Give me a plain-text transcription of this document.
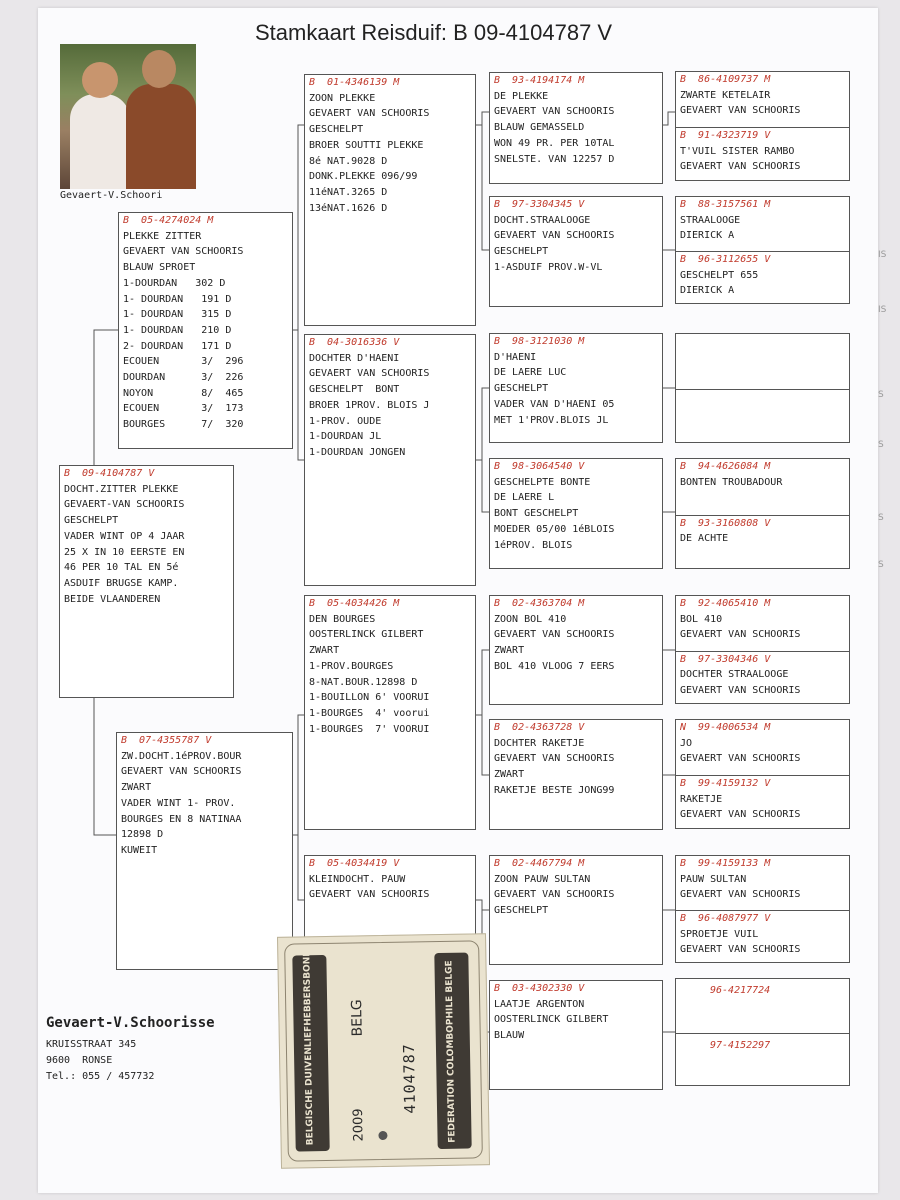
IS
IS
S
S
S
S
Stamkaart Reisduif: B 09-4104787 V
Gevaert-V.Schoori
B  09-4104787 V
DOCHT.ZITTER PLEKKE
GEVAERT-VAN SCHOORIS
GESCHELPT
VADER WINT OP 4 JAAR
25 X IN 10 EERSTE EN
46 PER 10 TAL EN 5é
ASDUIF BRUGSE KAMP.
BEIDE VLAANDEREN
B  05-4274024 M
PLEKKE ZITTER
GEVAERT VAN SCHOORIS
BLAUW SPROET
1-DOURDAN   302 D
1- DOURDAN   191 D
1- DOURDAN   315 D
1- DOURDAN   210 D
2- DOURDAN   171 D
ECOUEN       3/  296
DOURDAN      3/  226
NOYON        8/  465
ECOUEN       3/  173
BOURGES      7/  320
B  07-4355787 V
ZW.DOCHT.1éPROV.BOUR
GEVAERT VAN SCHOORIS
ZWART
VADER WINT 1- PROV.
BOURGES EN 8 NATINAA
12898 D
KUWEIT
B  01-4346139 M
ZOON PLEKKE
GEVAERT VAN SCHOORIS
GESCHELPT
BROER SOUTTI PLEKKE
8é NAT.9028 D
DONK.PLEKKE 096/99
11éNAT.3265 D
13éNAT.1626 D
B  04-3016336 V
DOCHTER D'HAENI
GEVAERT VAN SCHOORIS
GESCHELPT  BONT
BROER 1PROV. BLOIS J
1-PROV. OUDE
1-DOURDAN JL
1-DOURDAN JONGEN
B  05-4034426 M
DEN BOURGES
OOSTERLINCK GILBERT
ZWART
1-PROV.BOURGES
8-NAT.BOUR.12898 D
1-BOUILLON 6' VOORUI
1-BOURGES  4' voorui
1-BOURGES  7' VOORUI
B  05-4034419 V
KLEINDOCHT. PAUW
GEVAERT VAN SCHOORIS
B  93-4194174 M
DE PLEKKE
GEVAERT VAN SCHOORIS
BLAUW GEMASSELD
WON 49 PR. PER 10TAL
SNELSTE. VAN 12257 D
B  98-3121030 M
D'HAENI
DE LAERE LUC
GESCHELPT
VADER VAN D'HAENI 05
MET 1'PROV.BLOIS JL
B  98-3064540 V
GESCHELPTE BONTE
DE LAERE L
BONT GESCHELPT
MOEDER 05/00 1éBLOIS
1éPROV. BLOIS
B  97-3304345 V
DOCHT.STRAALOOGE
GEVAERT VAN SCHOORIS
GESCHELPT
1-ASDUIF PROV.W-VL
B  02-4363704 M
ZOON BOL 410
GEVAERT VAN SCHOORIS
ZWART
BOL 410 VLOOG 7 EERS
B  02-4363728 V
DOCHTER RAKETJE
GEVAERT VAN SCHOORIS
ZWART
RAKETJE BESTE JONG99
B  02-4467794 M
ZOON PAUW SULTAN
GEVAERT VAN SCHOORIS
GESCHELPT
B  03-4302330 V
LAATJE ARGENTON
OOSTERLINCK GILBERT
BLAUW
B  86-4109737 M
ZWARTE KETELAIR
GEVAERT VAN SCHOORIS
B  91-4323719 V
T'VUIL SISTER RAMBO
GEVAERT VAN SCHOORIS
B  88-3157561 M
STRAALOOGE
DIERICK A
B  96-3112655 V
GESCHELPT 655
DIERICK A
B  94-4626084 M
BONTEN TROUBADOUR
B  93-3160808 V
DE ACHTE
B  92-4065410 M
BOL 410
GEVAERT VAN SCHOORIS
B  97-3304346 V
DOCHTER STRAALOOGE
GEVAERT VAN SCHOORIS
N  99-4006534 M
JO
GEVAERT VAN SCHOORIS
B  99-4159132 V
RAKETJE
GEVAERT VAN SCHOORIS
B  99-4159133 M
PAUW SULTAN
GEVAERT VAN SCHOORIS
B  96-4087977 V
SPROETJE VUIL
GEVAERT VAN SCHOORIS
96-4217724
97-4152297
Gevaert-V.Schoorisse
KRUISSTRAAT 345
9600  RONSE
Tel.: 055 / 457732	BELGISCHE DUIVENLIEFHEBBERSBOND	FEDERATION COLOMBOPHILE BELGE
BELG
2009
4104787
